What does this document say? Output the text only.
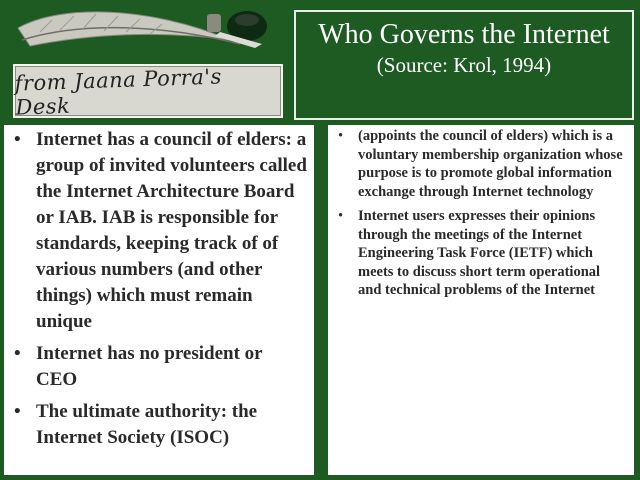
from Jaana Porra's Desk
Who Governs the Internet
(Source: Krol, 1994)
• Internet has a council of elders: a group of invited volunteers called the Internet Architecture Board or IAB. IAB is responsible for standards, keeping track of of various numbers (and other things) which must remain unique
• Internet has no president or CEO
• The ultimate authority: the Internet Society (ISOC)
• (appoints the council of elders) which is a voluntary membership organization whose purpose is to promote global information exchange through Internet technology
• Internet users expresses their opinions through the meetings of the Internet Engineering Task Force (IETF) which meets to discuss short term operational and technical problems of the Internet
